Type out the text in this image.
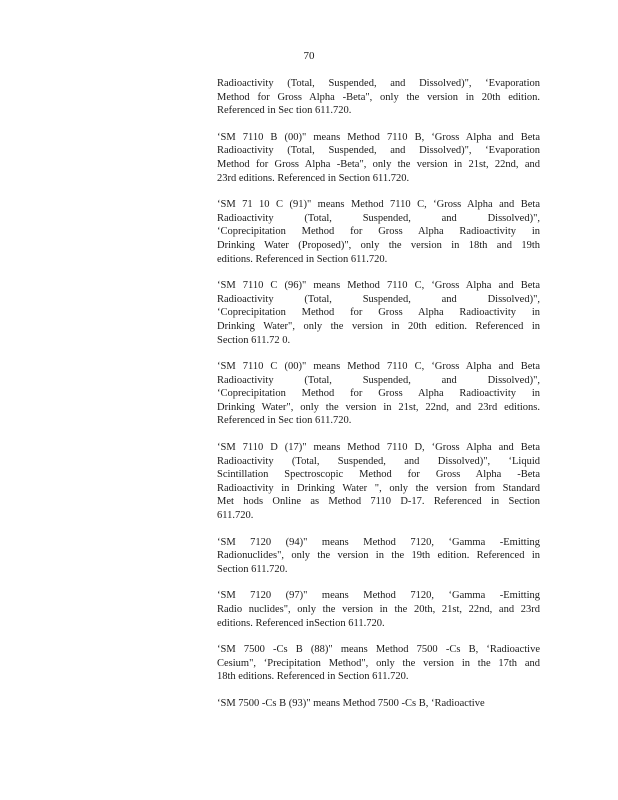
70
Radioactivity (Total, Suspended, and Dissolved)", ‘Evaporation
Method for Gross Alpha -Beta", only the version in 20th edition.
Referenced in Sec tion 611.720.
‘SM 7110 B (00)" means Method 7110 B, ‘Gross Alpha and Beta
Radioactivity (Total, Suspended, and Dissolved)", ‘Evaporation
Method for Gross Alpha -Beta", only the version in 21st, 22nd, and
23rd editions. Referenced in Section 611.720.
‘SM 71 10 C (91)" means Method 7110 C, ‘Gross Alpha and Beta
Radioactivity (Total, Suspended, and Dissolved)",
‘Coprecipitation Method for Gross Alpha Radioactivity in
Drinking Water (Proposed)", only the version in 18th and 19th
editions. Referenced in Section 611.720.
‘SM 7110 C (96)" means Method 7110 C, ‘Gross Alpha and Beta
Radioactivity (Total, Suspended, and Dissolved)",
‘Coprecipitation Method for Gross Alpha Radioactivity in
Drinking Water", only the version in 20th edition. Referenced in
Section 611.72 0.
‘SM 7110 C (00)" means Method 7110 C, ‘Gross Alpha and Beta
Radioactivity (Total, Suspended, and Dissolved)",
‘Coprecipitation Method for Gross Alpha Radioactivity in
Drinking Water", only the version in 21st, 22nd, and 23rd editions.
Referenced in Sec tion 611.720.
‘SM 7110 D (17)" means Method 7110 D, ‘Gross Alpha and Beta
Radioactivity (Total, Suspended, and Dissolved)", ‘Liquid
Scintillation Spectroscopic Method for Gross Alpha -Beta
Radioactivity in Drinking Water ", only the version from Standard
Met hods Online as Method 7110 D-17. Referenced in Section
611.720.
‘SM 7120 (94)" means Method 7120, ‘Gamma -Emitting
Radionuclides", only the version in the 19th edition. Referenced in
Section 611.720.
‘SM 7120 (97)" means Method 7120, ‘Gamma -Emitting
Radio nuclides", only the version in the 20th, 21st, 22nd, and 23rd
editions. Referenced inSection 611.720.
‘SM 7500 -Cs B (88)" means Method 7500 -Cs B, ‘Radioactive
Cesium", ‘Precipitation Method", only the version in the 17th and
18th editions. Referenced in Section 611.720.
‘SM 7500 -Cs B (93)" means Method 7500 -Cs B, ‘Radioactive
